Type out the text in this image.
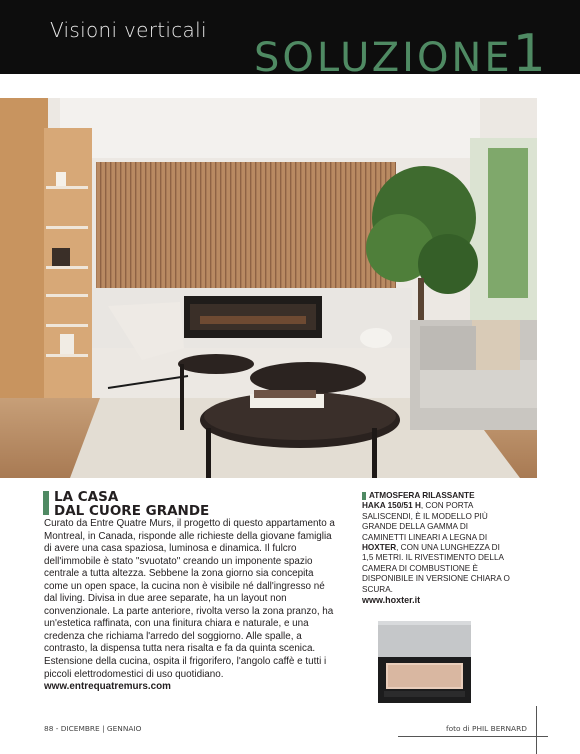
Visioni verticali
SOLUZIONE1
LA CASA
DAL CUORE GRANDE

Curato da Entre Quatre Murs, il progetto di questo appartamento a Montreal, in Canada, risponde alle richieste della giovane famiglia di avere una casa spaziosa, luminosa e dinamica. Il fulcro dell'immobile è stato "svuotato" creando un imponente spazio centrale a tutta altezza. Sebbene la zona giorno sia concepita come un open space, la cucina non è visibile né dall'ingresso né dal living. Divisa in due aree separate, ha un layout non convenzionale. La parte anteriore, rivolta verso la zona pranzo, ha un'estetica raffinata, con una finitura chiara e naturale, e una credenza che richiama l'arredo del soggiorno. Alle spalle, a contrasto, la dispensa tutta nera risalta e fa da quinta scenica. Estensione della cucina, ospita il frigorifero, l'angolo caffè e tutti i piccoli elettrodomestici di uso quotidiano.
www.entrequatremurs.com

ATMOSFERA RILASSANTE
HAKA 150/51 H, CON PORTA SALISCENDI, È IL MODELLO PIÙ GRANDE DELLA GAMMA DI CAMINETTI LINEARI A LEGNA DI HOXTER, CON UNA LUNGHEZZA DI 1,5 METRI. IL RIVESTIMENTO DELLA CAMERA DI COMBUSTIONE È DISPONIBILE IN VERSIONE CHIARA O SCURA.
www.hoxter.it
88 - DICEMBRE | GENNAIO	foto di PHIL BERNARD
